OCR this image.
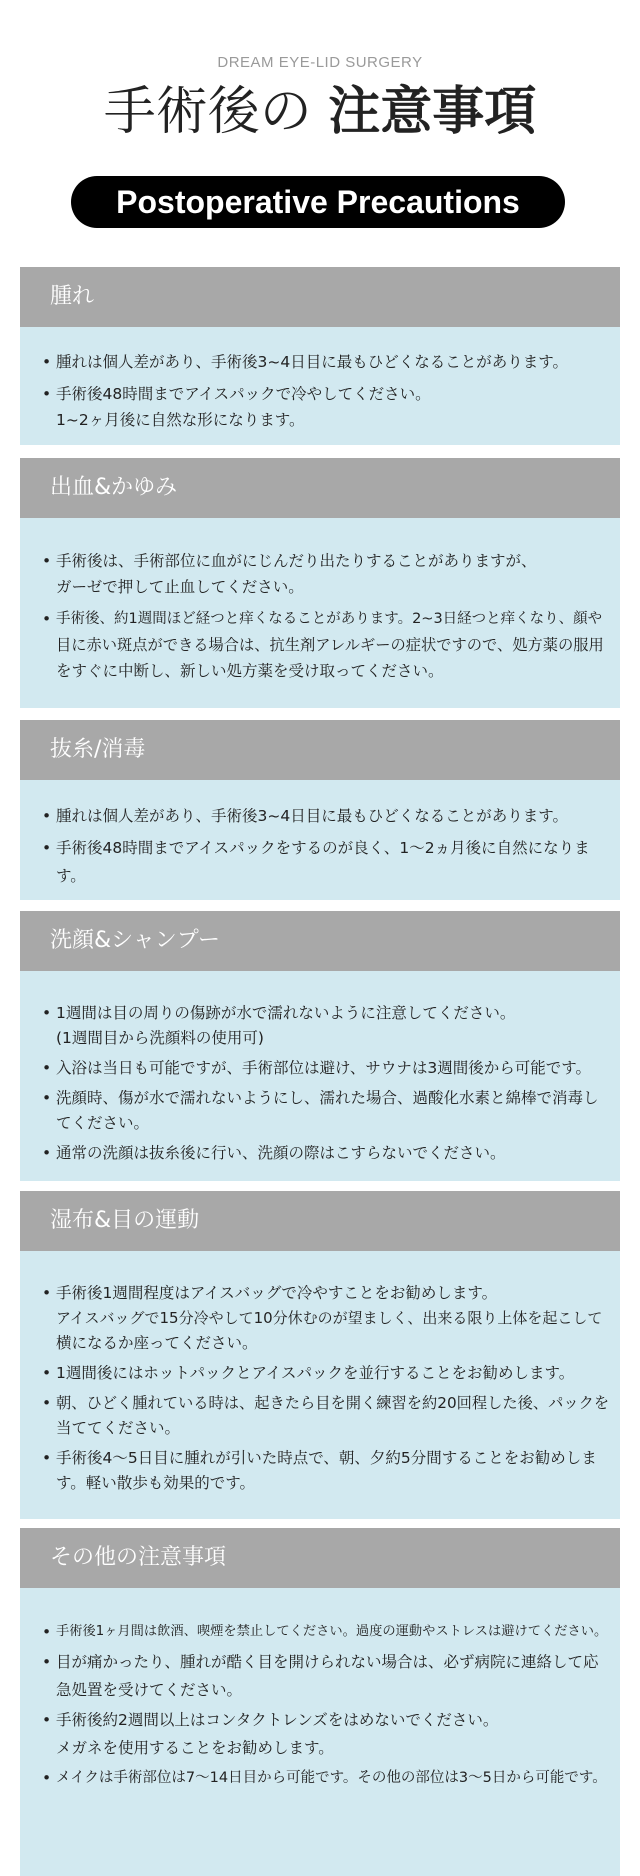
DREAM EYE-LID SURGERY
手術後の 注意事項
Postoperative Precautions
腫れ
• 腫れは個人差があり、手術後3~4日目に最もひどくなることがあります。
• 手術後48時間までアイスパックで冷やしてください。
1~2ヶ月後に自然な形になります。
出血&かゆみ
• 手術後は、手術部位に血がにじんだり出たりすることがありますが、
ガーゼで押して止血してください。
• 手術後、約1週間ほど経つと痒くなることがあります。2~3日経つと痒くなり、顔や
目に赤い斑点ができる場合は、抗生剤アレルギーの症状ですので、処方薬の服用
をすぐに中断し、新しい処方薬を受け取ってください。
抜糸/消毒
• 腫れは個人差があり、手術後3~4日目に最もひどくなることがあります。
• 手術後48時間までアイスパックをするのが良く、1〜2ヵ月後に自然になりま
す。
洗顔&シャンプー
• 1週間は目の周りの傷跡が水で濡れないように注意してください。
(1週間目から洗顔料の使用可)
• 入浴は当日も可能ですが、手術部位は避け、サウナは3週間後から可能です。
• 洗顔時、傷が水で濡れないようにし、濡れた場合、過酸化水素と綿棒で消毒し
てください。
• 通常の洗顔は抜糸後に行い、洗顔の際はこすらないでください。
湿布&目の運動
• 手術後1週間程度はアイスバッグで冷やすことをお勧めします。
アイスバッグで15分冷やして10分休むのが望ましく、出来る限り上体を起こして
横になるか座ってください。
• 1週間後にはホットパックとアイスパックを並行することをお勧めします。
• 朝、ひどく腫れている時は、起きたら目を開く練習を約20回程した後、パックを
当ててください。
• 手術後4〜5日目に腫れが引いた時点で、朝、夕約5分間することをお勧めしま
す。軽い散歩も効果的です。
その他の注意事項
• 手術後1ヶ月間は飲酒、喫煙を禁止してください。過度の運動やストレスは避けてください。
• 目が痛かったり、腫れが酷く目を開けられない場合は、必ず病院に連絡して応
急処置を受けてください。
• 手術後約2週間以上はコンタクトレンズをはめないでください。
メガネを使用することをお勧めします。
• メイクは手術部位は7〜14日目から可能です。その他の部位は3〜5日から可能です。
